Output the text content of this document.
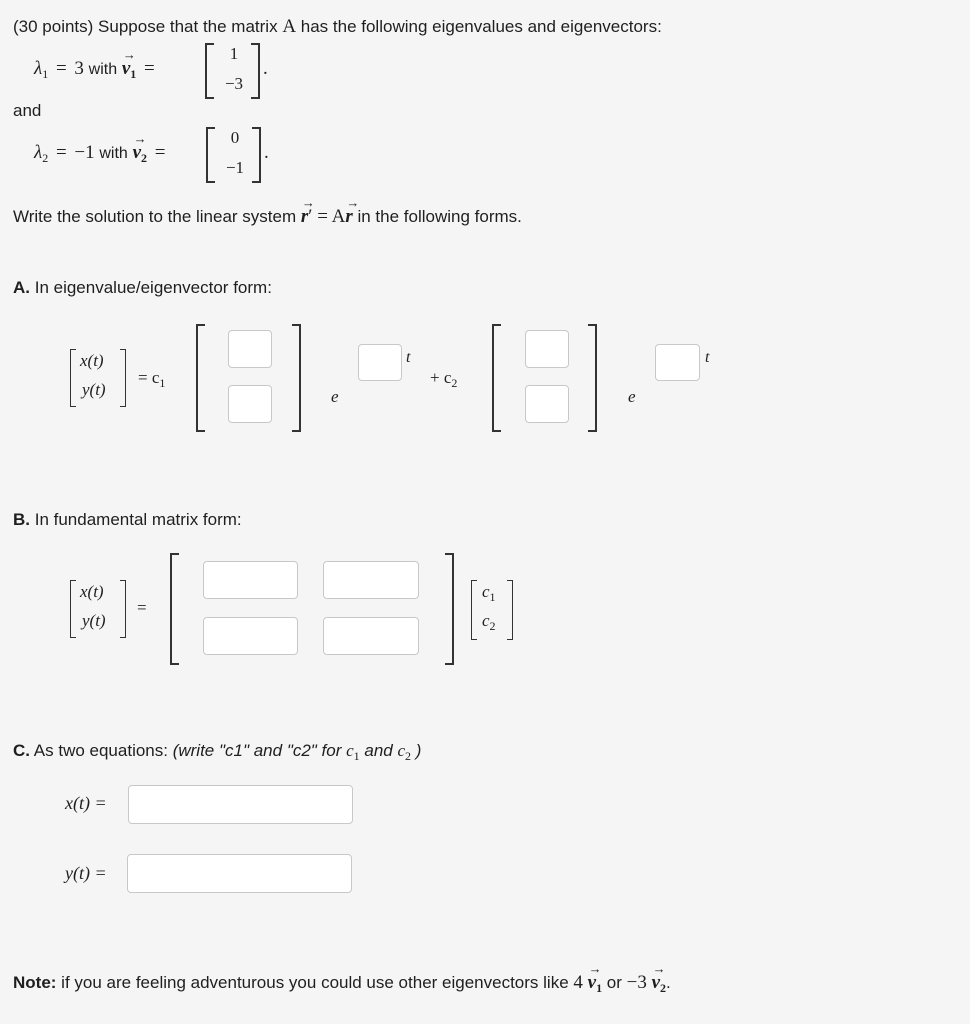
(30 points) Suppose that the matrix A has the following eigenvalues and eigenvectors:
$\lambda_1 = 3$ with → $v_1$ =
1
−3
.
and
$\lambda_2 = -1$ with → $v_2$ =
0
−1
.
Write the solution to the linear system → r′ = A→ r in the following forms.
A. In eigenvalue/eigenvector form:
x(t)
y(t)
= $c_1$
e
t
+ $c_2$
e
t
B. In fundamental matrix form:
x(t)
y(t)
=
$c_1$
$c_2$
C. As two equations: (write "c1" and "c2" for $c_1$ and $c_2$ )
x(t) =
y(t) =
Note: if you are feeling adventurous you could use other eigenvectors like $4 \to v_1$ or $-3 \to v_2$.
